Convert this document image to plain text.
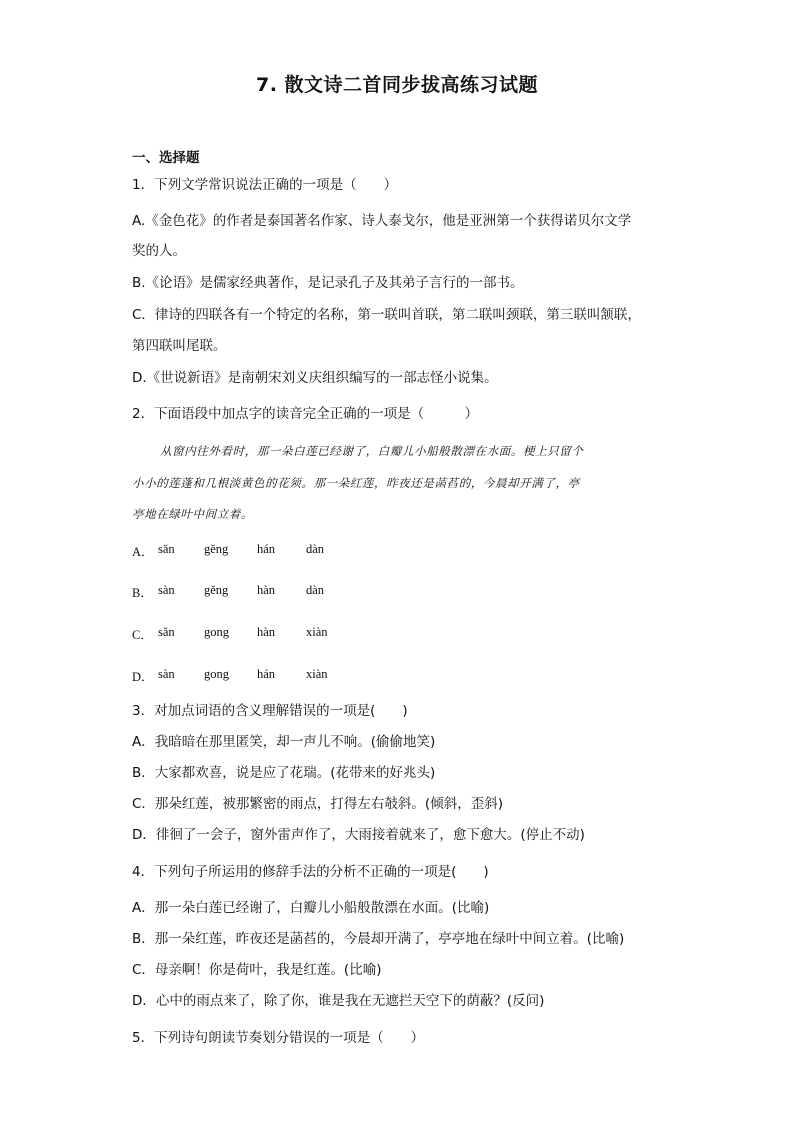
7. 散文诗二首同步拔高练习试题
一、选择题
1．下列文学常识说法正确的一项是（　　）
A.《金色花》的作者是泰国著名作家、诗人泰戈尔，他是亚洲第一个获得诺贝尔文学
奖的人。
B.《论语》是儒家经典著作，是记录孔子及其弟子言行的一部书。
C．律诗的四联各有一个特定的名称，第一联叫首联，第二联叫颈联，第三联叫颔联，
第四联叫尾联。
D.《世说新语》是南朝宋刘义庆组织编写的一部志怪小说集。
2．下面语段中加点字的读音完全正确的一项是（　　　）
从窗内往外看时，那一朵白莲已经谢了，白瓣儿小船般散漂在水面。梗上只留个
小小的莲蓬和几根淡黄色的花须。那一朵红莲，昨夜还是菡萏的，今晨却开满了，亭
亭地在绿叶中间立着。
A． sǎn gěng hán dàn
B． sàn gěng hàn dàn
C． sǎn gong hàn xiàn
D． sàn gong hán xiàn
3．对加点词语的含义理解错误的一项是(　　)
A．我暗暗在那里匿笑，却一声儿不响。(偷偷地笑)
B．大家都欢喜，说是应了花瑞。(花带来的好兆头)
C．那朵红莲，被那繁密的雨点，打得左右攲斜。(倾斜，歪斜)
D．徘徊了一会子，窗外雷声作了，大雨接着就来了，愈下愈大。(停止不动)
4．下列句子所运用的修辞手法的分析不正确的一项是(　　)
A．那一朵白莲已经谢了，白瓣儿小船般散漂在水面。(比喻)
B．那一朵红莲，昨夜还是菡萏的，今晨却开满了，亭亭地在绿叶中间立着。(比喻)
C．母亲啊！你是荷叶，我是红莲。(比喻)
D．心中的雨点来了，除了你，谁是我在无遮拦天空下的荫蔽？(反问)
5．下列诗句朗读节奏划分错误的一项是（　　）
